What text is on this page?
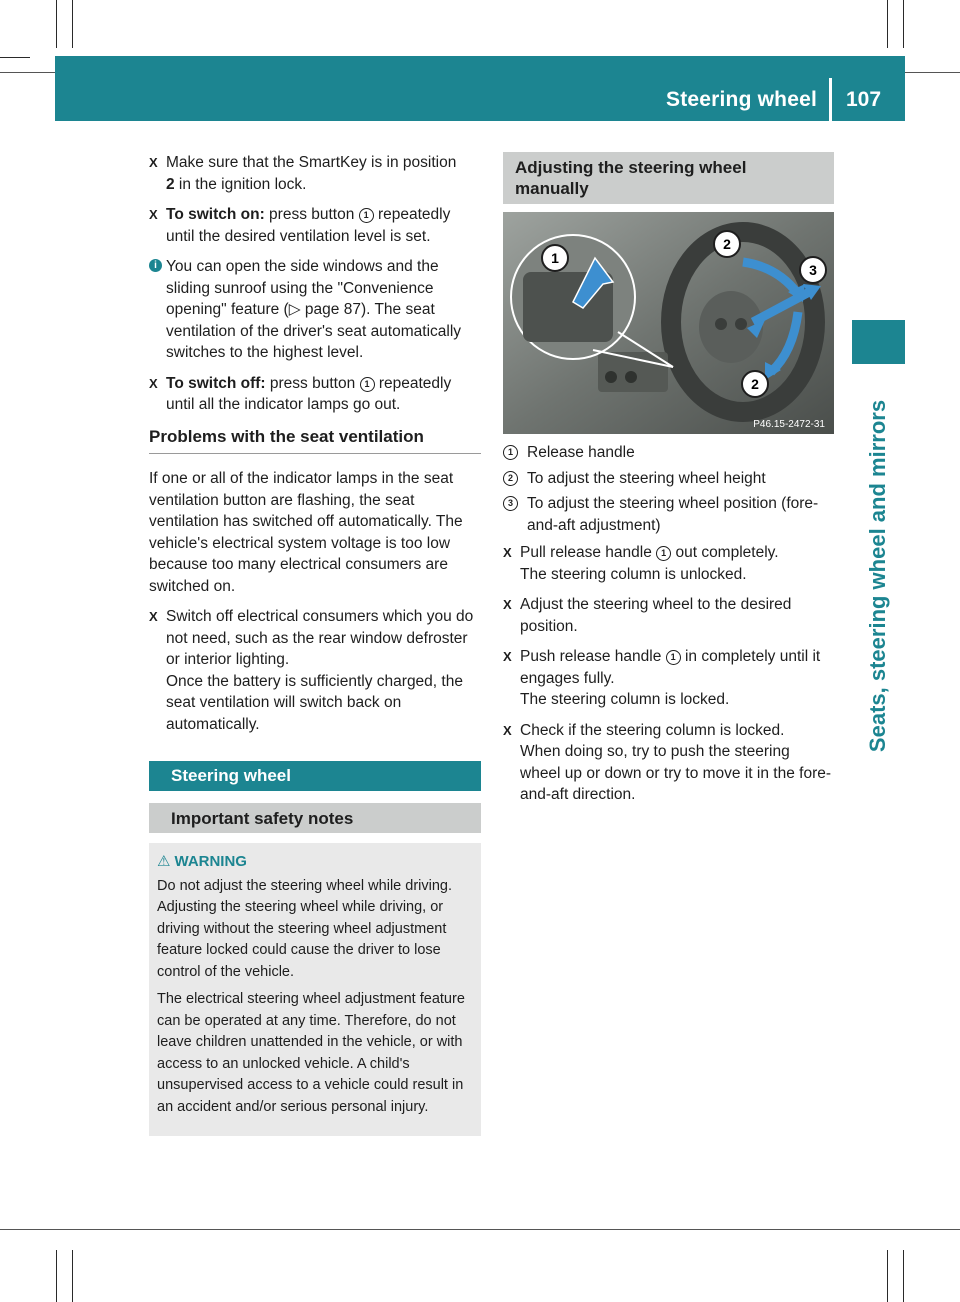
Steering wheel 107
Seats, steering wheel and mirrors
X Make sure that the SmartKey is in position
2 in the ignition lock.
X To switch on: press button 1 repeatedly until the desired ventilation level is set.
i You can open the side windows and the sliding sunroof using the "Convenience opening" feature (▷ page 87). The seat ventilation of the driver's seat automatically switches to the highest level.
X To switch off: press button 1 repeatedly until all the indicator lamps go out.
Problems with the seat ventilation

If one or all of the indicator lamps in the seat ventilation button are flashing, the seat ventilation has switched off automatically. The vehicle's electrical system voltage is too low because too many electrical consumers are switched on.

X Switch off electrical consumers which you do not need, such as the rear window defroster or interior lighting.
Once the battery is sufficiently charged, the seat ventilation will switch back on automatically.
Steering wheel
Important safety notes
⚠ WARNING

Do not adjust the steering wheel while driving. Adjusting the steering wheel while driving, or driving without the steering wheel adjustment feature locked could cause the driver to lose control of the vehicle.

The electrical steering wheel adjustment feature can be operated at any time. Therefore, do not leave children unattended in the vehicle, or with access to an unlocked vehicle. A child's unsupervised access to a vehicle could result in an accident and/or serious personal injury.

Adjusting the steering wheel manually
1
2
3
2
P46.15-2472-31
1 Release handle
2 To adjust the steering wheel height
3 To adjust the steering wheel position (fore-and-aft adjustment)
X Pull release handle 1 out completely.
The steering column is unlocked.
X Adjust the steering wheel to the desired position.
X Push release handle 1 in completely until it engages fully.
The steering column is locked.
X Check if the steering column is locked.
When doing so, try to push the steering wheel up or down or try to move it in the fore-and-aft direction.
